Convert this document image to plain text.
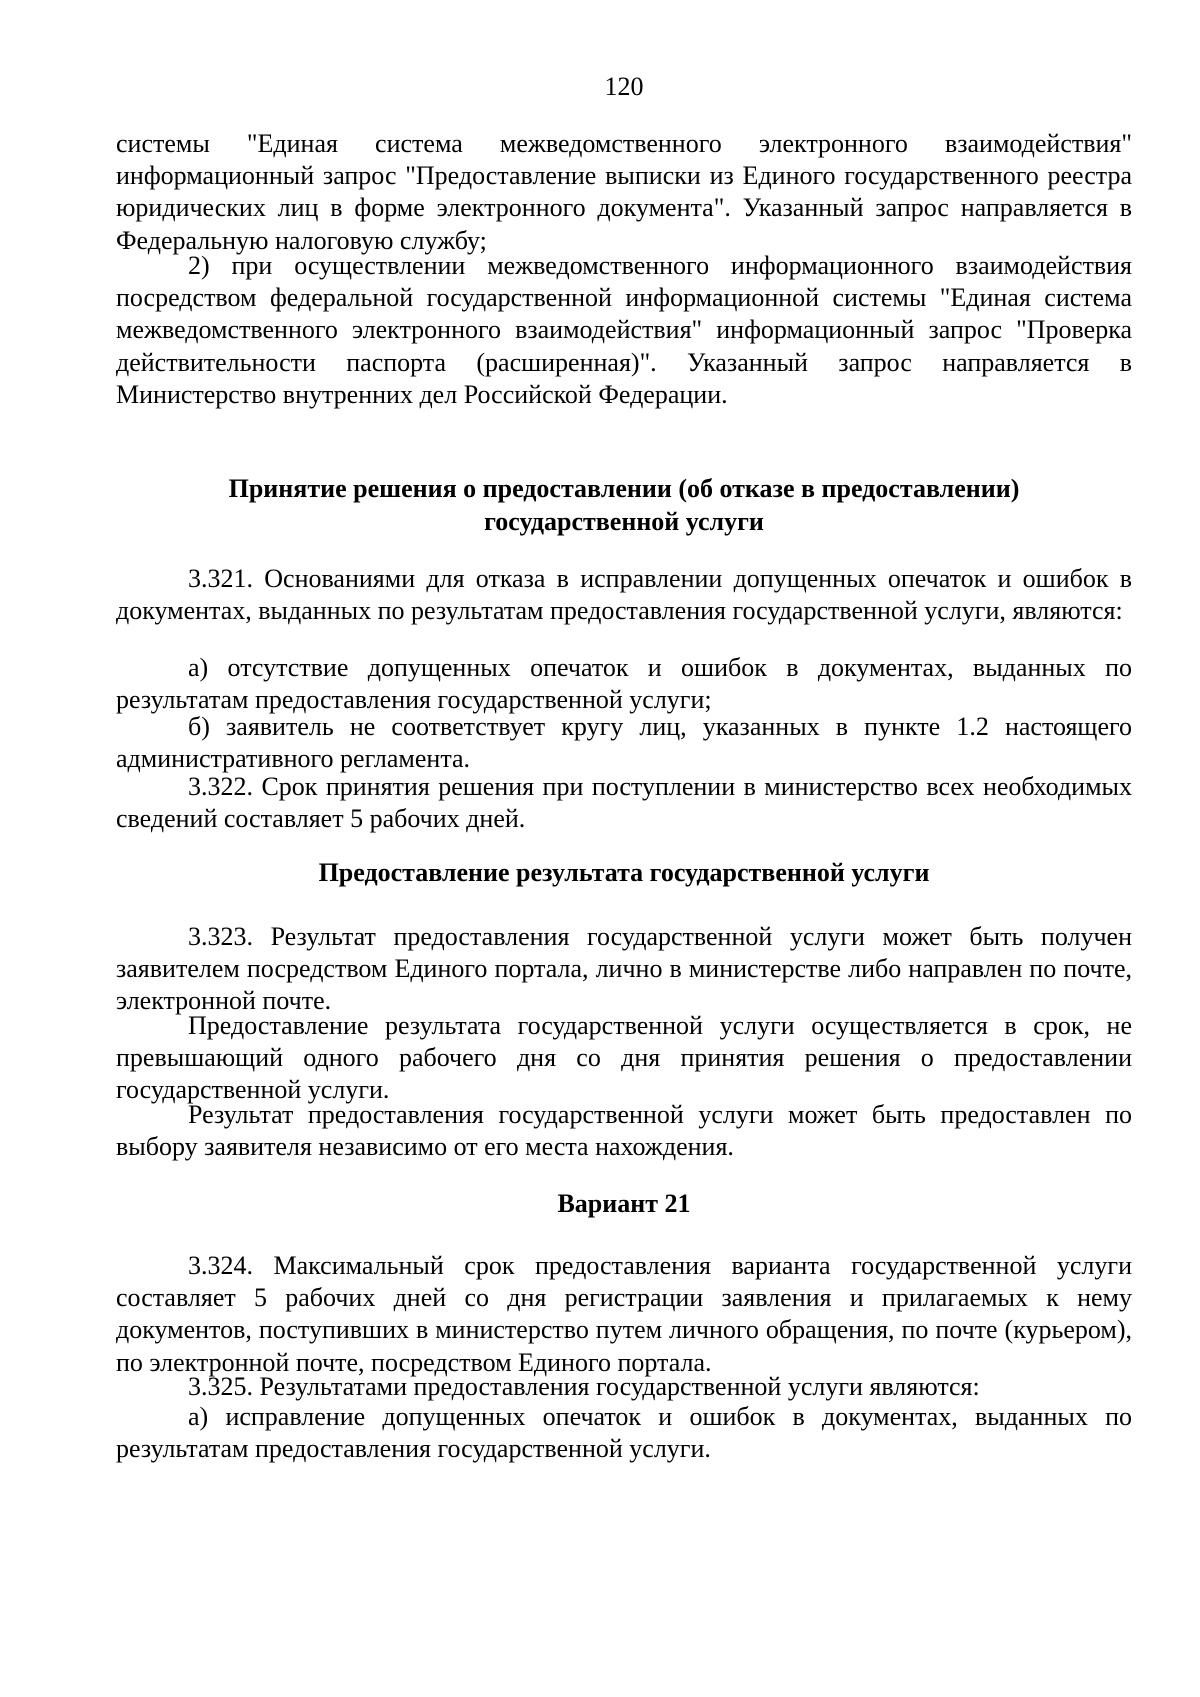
120

системы "Единая система межведомственного электронного взаимодействия" информационный запрос "Предоставление выписки из Единого государственного реестра юридических лиц в форме электронного документа". Указанный запрос направляется в Федеральную налоговую службу;

2) при осуществлении межведомственного информационного взаимодействия посредством федеральной государственной информационной системы "Единая система межведомственного электронного взаимодействия" информационный запрос "Проверка действительности паспорта (расширенная)". Указанный запрос направляется в Министерство внутренних дел Российской Федерации.

Принятие решения о предоставлении (об отказе в предоставлении)
государственной услуги

3.321. Основаниями для отказа в исправлении допущенных опечаток и ошибок в документах, выданных по результатам предоставления государственной услуги, являются:

а) отсутствие допущенных опечаток и ошибок в документах, выданных по результатам предоставления государственной услуги;

б) заявитель не соответствует кругу лиц, указанных в пункте 1.2 настоящего административного регламента.

3.322. Срок принятия решения при поступлении в министерство всех необходимых сведений составляет 5 рабочих дней.

Предоставление результата государственной услуги

3.323. Результат предоставления государственной услуги может быть получен заявителем посредством Единого портала, лично в министерстве либо направлен по почте, электронной почте.

Предоставление результата государственной услуги осуществляется в срок, не превышающий одного рабочего дня со дня принятия решения о предоставлении государственной услуги.

Результат предоставления государственной услуги может быть предоставлен по выбору заявителя независимо от его места нахождения.

Вариант 21

3.324. Максимальный срок предоставления варианта государственной услуги составляет 5 рабочих дней со дня регистрации заявления и прилагаемых к нему документов, поступивших в министерство путем личного обращения, по почте (курьером), по электронной почте, посредством Единого портала.

3.325. Результатами предоставления государственной услуги являются:

а) исправление допущенных опечаток и ошибок в документах, выданных по результатам предоставления государственной услуги.
